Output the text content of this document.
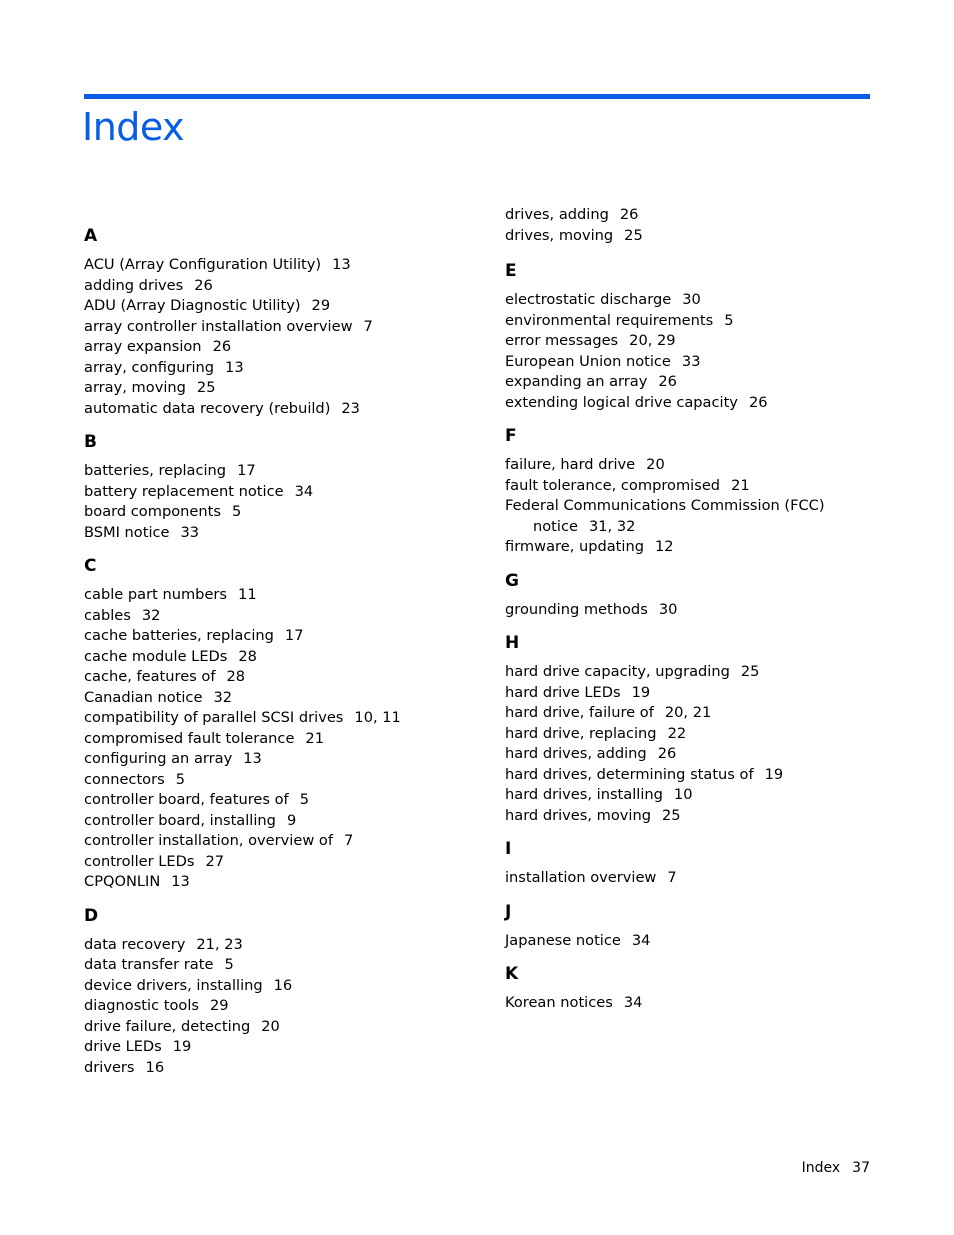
Index
A
ACU (Array Configuration Utility) 13
adding drives 26
ADU (Array Diagnostic Utility) 29
array controller installation overview 7
array expansion 26
array, configuring 13
array, moving 25
automatic data recovery (rebuild) 23
B
batteries, replacing 17
battery replacement notice 34
board components 5
BSMI notice 33
C
cable part numbers 11
cables 32
cache batteries, replacing 17
cache module LEDs 28
cache, features of 28
Canadian notice 32
compatibility of parallel SCSI drives 10, 11
compromised fault tolerance 21
configuring an array 13
connectors 5
controller board, features of 5
controller board, installing 9
controller installation, overview of 7
controller LEDs 27
CPQONLIN 13
D
data recovery 21, 23
data transfer rate 5
device drivers, installing 16
diagnostic tools 29
drive failure, detecting 20
drive LEDs 19
drivers 16
drives, adding 26
drives, moving 25
E
electrostatic discharge 30
environmental requirements 5
error messages 20, 29
European Union notice 33
expanding an array 26
extending logical drive capacity 26
F
failure, hard drive 20
fault tolerance, compromised 21
Federal Communications Commission (FCC)
notice 31, 32
firmware, updating 12
G
grounding methods 30
H
hard drive capacity, upgrading 25
hard drive LEDs 19
hard drive, failure of 20, 21
hard drive, replacing 22
hard drives, adding 26
hard drives, determining status of 19
hard drives, installing 10
hard drives, moving 25
I
installation overview 7
J
Japanese notice 34
K
Korean notices 34
Index 37
